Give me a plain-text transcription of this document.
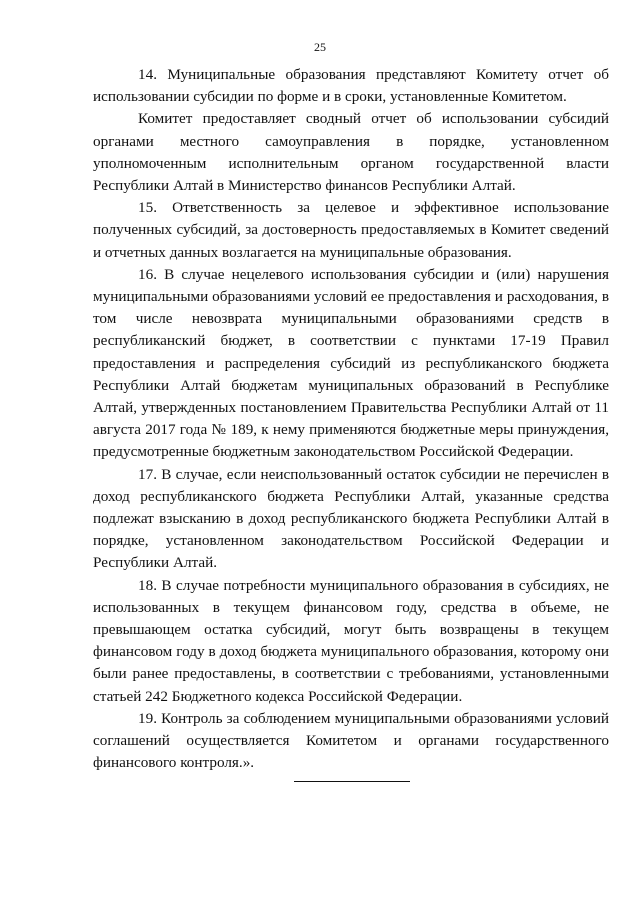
25

14. Муниципальные образования представляют Комитету отчет об использовании субсидии по форме и в сроки, установленные Комитетом.

Комитет предоставляет сводный отчет об использовании субсидий органами местного самоуправления в порядке, установленном уполномоченным исполнительным органом государственной власти Республики Алтай в Министерство финансов Республики Алтай.

15. Ответственность за целевое и эффективное использование полученных субсидий, за достоверность предоставляемых в Комитет сведений и отчетных данных возлагается на муниципальные образования.

16. В случае нецелевого использования субсидии и (или) нарушения муниципальными образованиями условий ее предоставления и расходования, в том числе невозврата муниципальными образованиями средств в республиканский бюджет, в соответствии с пунктами 17-19 Правил предоставления и распределения субсидий из республиканского бюджета Республики Алтай бюджетам муниципальных образований в Республике Алтай, утвержденных постановлением Правительства Республики Алтай от 11 августа 2017 года № 189, к нему применяются бюджетные меры принуждения, предусмотренные бюджетным законодательством Российской Федерации.

17. В случае, если неиспользованный остаток субсидии не перечислен в доход республиканского бюджета Республики Алтай, указанные средства подлежат взысканию в доход республиканского бюджета Республики Алтай в порядке, установленном законодательством Российской Федерации и Республики Алтай.

18. В случае потребности муниципального образования в субсидиях, не использованных в текущем финансовом году, средства в объеме, не превышающем остатка субсидий, могут быть возвращены в текущем финансовом году в доход бюджета муниципального образования, которому они были ранее предоставлены, в соответствии с требованиями, установленными статьей 242 Бюджетного кодекса Российской Федерации.

19. Контроль за соблюдением муниципальными образованиями условий соглашений осуществляется Комитетом и органами государственного финансового контроля.».
